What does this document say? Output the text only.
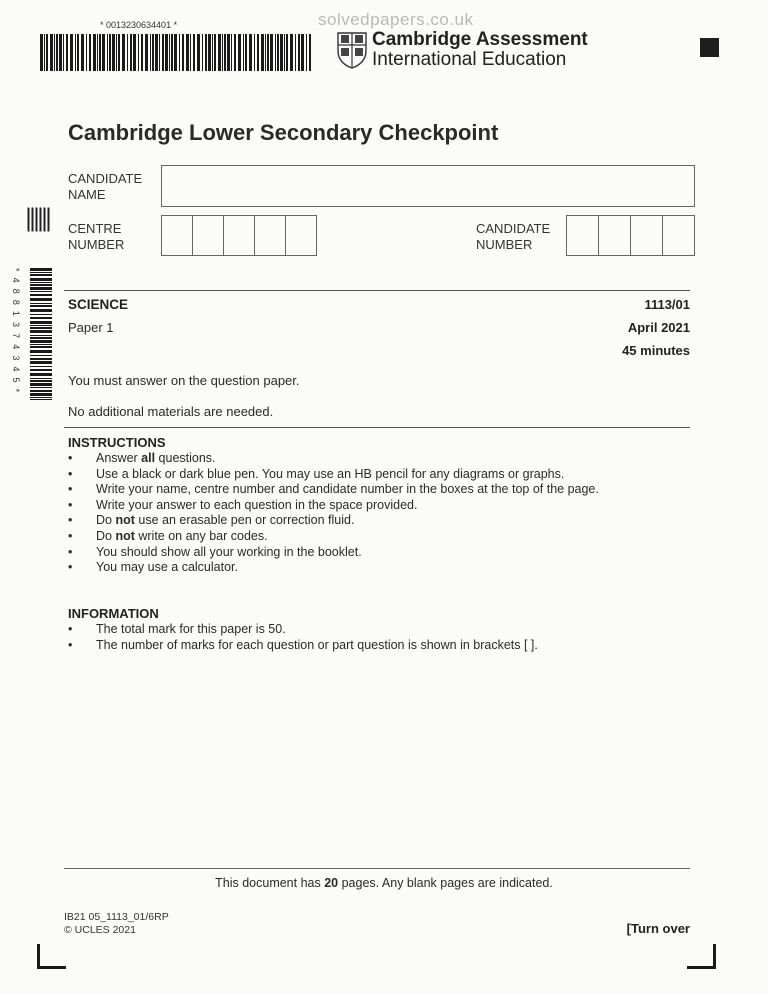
solvedpapers.co.uk
* 0013230634401 *
Cambridge Assessment
International Education
Cambridge Lower Secondary Checkpoint
CANDIDATE
NAME
* 4 8 8 1 3 7 4 3 4 5 *
CENTRE
NUMBER
CANDIDATE
NUMBER
SCIENCE	1113/01
Paper 1	April 2021
45 minutes
You must answer on the question paper.
No additional materials are needed.
INSTRUCTIONS
• Answer all questions.
• Use a black or dark blue pen. You may use an HB pencil for any diagrams or graphs.
• Write your name, centre number and candidate number in the boxes at the top of the page.
• Write your answer to each question in the space provided.
• Do not use an erasable pen or correction fluid.
• Do not write on any bar codes.
• You should show all your working in the booklet.
• You may use a calculator.
INFORMATION
• The total mark for this paper is 50.
• The number of marks for each question or part question is shown in brackets [ ].
This document has 20 pages. Any blank pages are indicated.
IB21 05_1113_01/6RP
© UCLES 2021	[Turn over
